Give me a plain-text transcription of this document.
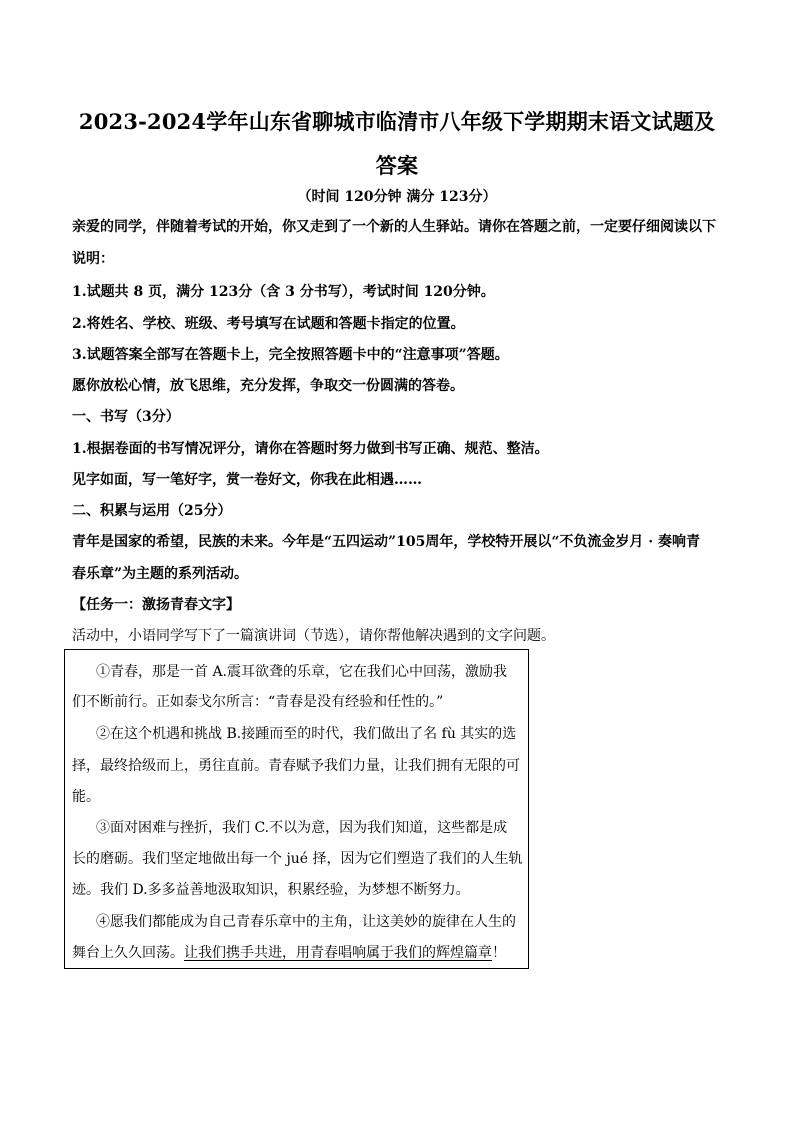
2023-2024学年山东省聊城市临清市八年级下学期期末语文试题及答案
（时间 120分钟 满分 123分）
亲爱的同学，伴随着考试的开始，你又走到了一个新的人生驿站。请你在答题之前，一定要仔细阅读以下
说明：
1.试题共 8 页，满分 123分（含 3 分书写），考试时间 120分钟。
2.将姓名、学校、班级、考号填写在试题和答题卡指定的位置。
3.试题答案全部写在答题卡上，完全按照答题卡中的“注意事项”答题。
愿你放松心情，放飞思维，充分发挥，争取交一份圆满的答卷。
一、书写（3分）
1.根据卷面的书写情况评分，请你在答题时努力做到书写正确、规范、整洁。
见字如面，写一笔好字，赏一卷好文，你我在此相遇……
二、积累与运用（25分）
青年是国家的希望，民族的未来。今年是“五四运动”105周年，学校特开展以“不负流金岁月 · 奏响青
春乐章”为主题的系列活动。
【任务一：激扬青春文字】
活动中，小语同学写下了一篇演讲词（节选），请你帮他解决遇到的文字问题。
①青春，那是一首 A.震耳欲聋的乐章，它在我们心中回荡，激励我
们不断前行。正如泰戈尔所言：“青春是没有经验和任性的。”
②在这个机遇和挑战 B.接踵而至的时代，我们做出了名 fù 其实的选
择，最终拾级而上，勇往直前。青春赋予我们力量，让我们拥有无限的可
能。
③面对困难与挫折，我们 C.不以为意，因为我们知道，这些都是成
长的磨砺。我们坚定地做出每一个 jué 择，因为它们塑造了我们的人生轨
迹。我们 D.多多益善地汲取知识，积累经验，为梦想不断努力。
④愿我们都能成为自己青春乐章中的主角，让这美妙的旋律在人生的
舞台上久久回荡。让我们携手共进，用青春唱响属于我们的辉煌篇章！
